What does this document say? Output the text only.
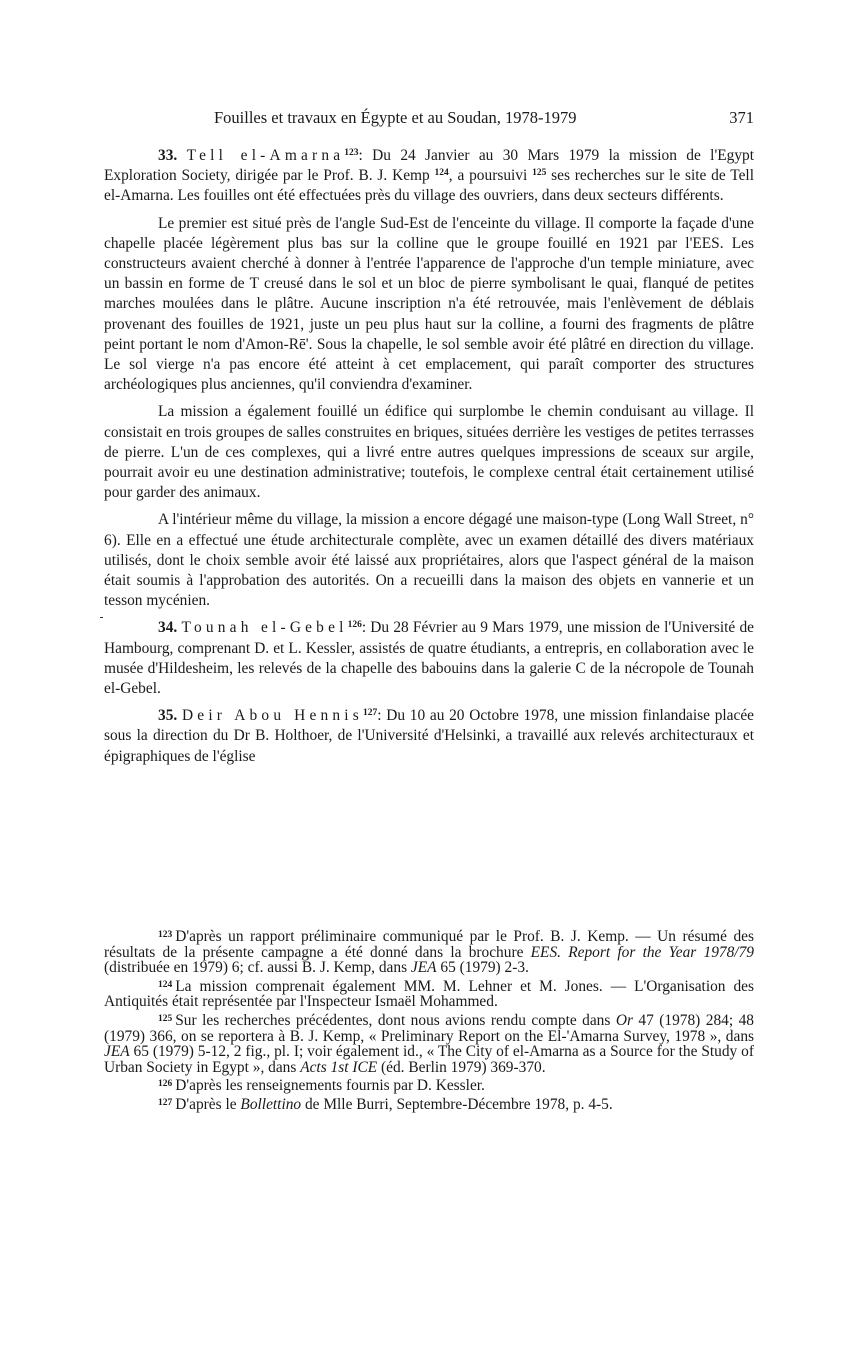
Fouilles et travaux en Égypte et au Soudan, 1978-1979	371

33. Tell el-Amarna$^{123}$: Du 24 Janvier au 30 Mars 1979 la mission de l'Egypt Exploration Society, dirigée par le Prof. B. J. Kemp $^{124}$, a poursuivi $^{125}$ ses recherches sur le site de Tell el-Amarna. Les fouilles ont été effectuées près du village des ouvriers, dans deux secteurs différents.

Le premier est situé près de l'angle Sud-Est de l'enceinte du village. Il comporte la façade d'une chapelle placée légèrement plus bas sur la colline que le groupe fouillé en 1921 par l'EES. Les constructeurs avaient cherché à donner à l'entrée l'apparence de l'approche d'un temple miniature, avec un bassin en forme de T creusé dans le sol et un bloc de pierre symbolisant le quai, flanqué de petites marches moulées dans le plâtre. Aucune inscription n'a été retrouvée, mais l'enlèvement de déblais provenant des fouilles de 1921, juste un peu plus haut sur la colline, a fourni des fragments de plâtre peint portant le nom d'Amon-Rē'. Sous la chapelle, le sol semble avoir été plâtré en direction du village. Le sol vierge n'a pas encore été atteint à cet emplacement, qui paraît comporter des structures archéologiques plus anciennes, qu'il conviendra d'examiner.

La mission a également fouillé un édifice qui surplombe le chemin conduisant au village. Il consistait en trois groupes de salles construites en briques, situées derrière les vestiges de petites terrasses de pierre. L'un de ces complexes, qui a livré entre autres quelques impressions de sceaux sur argile, pourrait avoir eu une destination administrative; toutefois, le complexe central était certainement utilisé pour garder des animaux.

A l'intérieur même du village, la mission a encore dégagé une maison-type (Long Wall Street, n° 6). Elle en a effectué une étude architecturale complète, avec un examen détaillé des divers matériaux utilisés, dont le choix semble avoir été laissé aux propriétaires, alors que l'aspect général de la maison était soumis à l'approbation des autorités. On a recueilli dans la maison des objets en vannerie et un tesson mycénien.

34. Tounah el-Gebel$^{126}$: Du 28 Février au 9 Mars 1979, une mission de l'Université de Hambourg, comprenant D. et L. Kessler, assistés de quatre étudiants, a entrepris, en collaboration avec le musée d'Hildesheim, les relevés de la chapelle des babouins dans la galerie C de la nécropole de Tounah el-Gebel.

35. Deir Abou Hennis$^{127}$: Du 10 au 20 Octobre 1978, une mission finlandaise placée sous la direction du Dr B. Holthoer, de l'Université d'Helsinki, a travaillé aux relevés architecturaux et épigraphiques de l'église

$^{123}$ D'après un rapport préliminaire communiqué par le Prof. B. J. Kemp. — Un résumé des résultats de la présente campagne a été donné dans la brochure EES. Report for the Year 1978/79 (distribuée en 1979) 6; cf. aussi B. J. Kemp, dans JEA 65 (1979) 2-3.

$^{124}$ La mission comprenait également MM. M. Lehner et M. Jones. — L'Organisation des Antiquités était représentée par l'Inspecteur Ismaël Mohammed.

$^{125}$ Sur les recherches précédentes, dont nous avions rendu compte dans Or 47 (1978) 284; 48 (1979) 366, on se reportera à B. J. Kemp, « Preliminary Report on the El-'Amarna Survey, 1978 », dans JEA 65 (1979) 5-12, 2 fig., pl. I; voir également id., « The City of el-Amarna as a Source for the Study of Urban Society in Egypt », dans Acts 1st ICE (éd. Berlin 1979) 369-370.

$^{126}$ D'après les renseignements fournis par D. Kessler.

$^{127}$ D'après le Bollettino de Mlle Burri, Septembre-Décembre 1978, p. 4-5.
